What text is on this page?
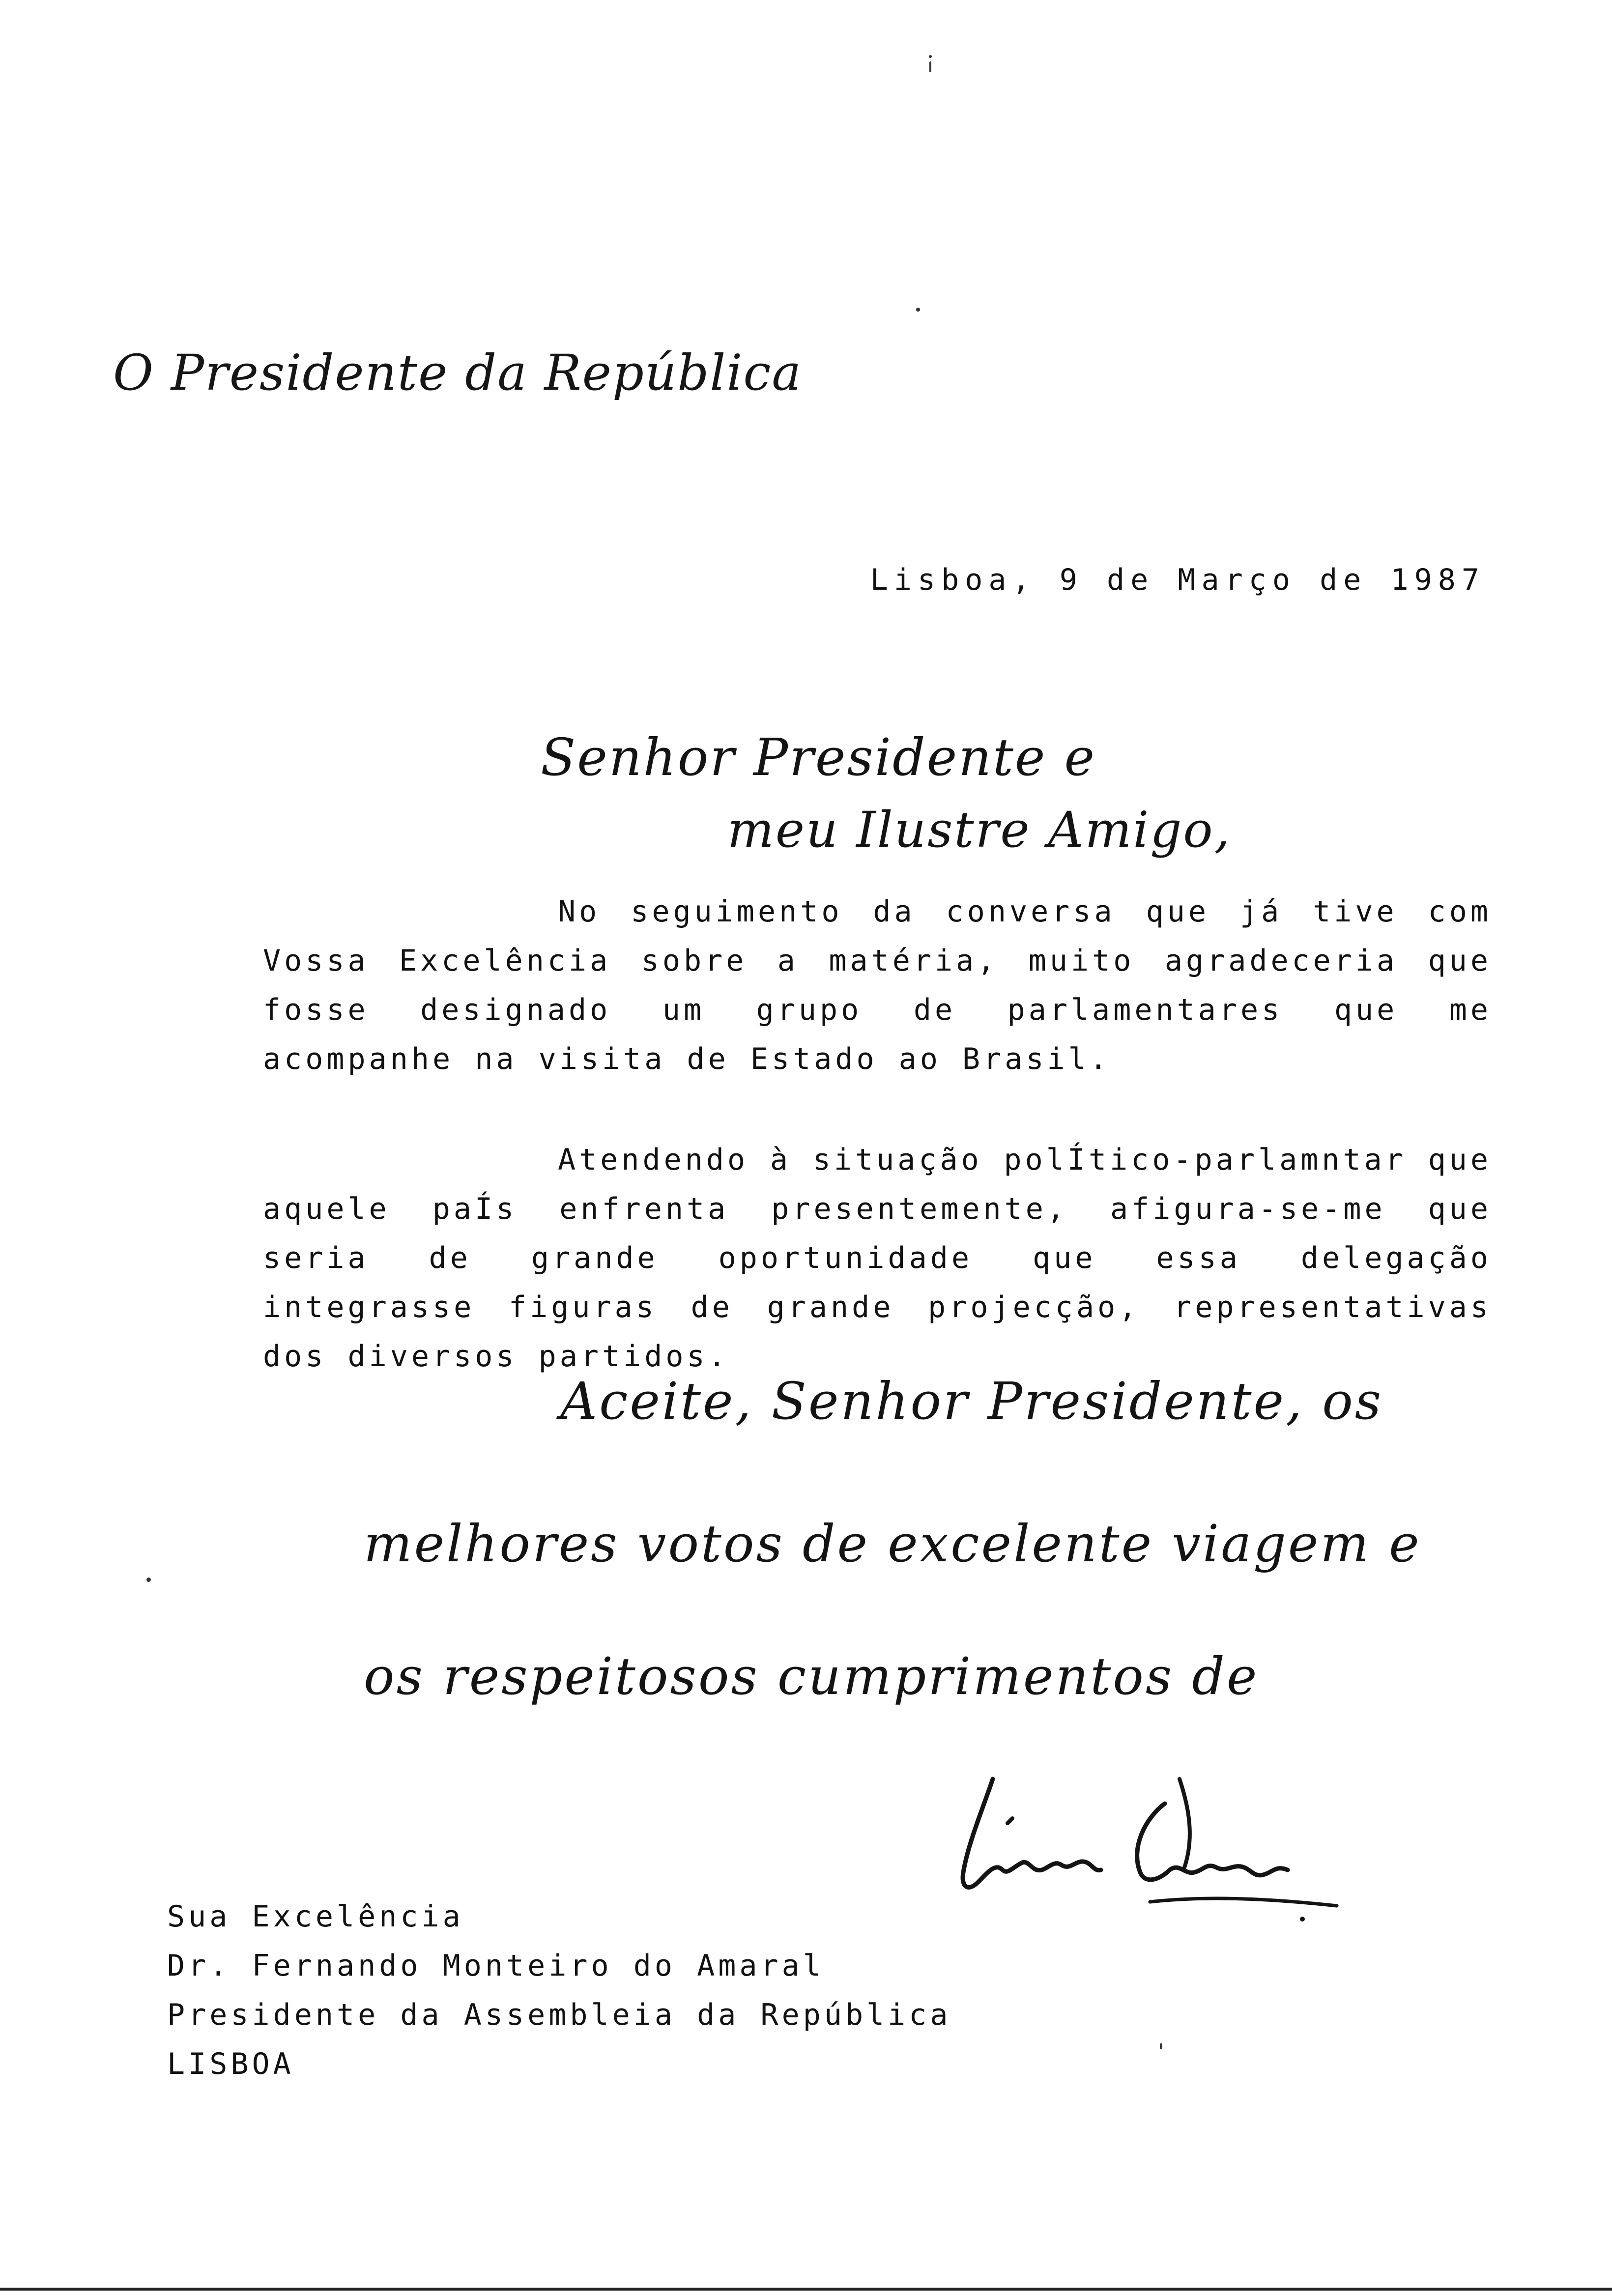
O Presidente da República
Lisboa, 9 de Março de 1987
Senhor Presidente e
meu Ilustre Amigo,
No seguimento da conversa que já tive com Vossa Excelência sobre a matéria, muito agradeceria que fosse designado um grupo de parlamentares que me acompanhe na visita de Estado ao Brasil.
Atendendo à situação polÍtico-parlamntar que aquele paÍs enfrenta presentemente, afigura-se-me que seria de grande oportunidade que essa delegação integrasse figuras de grande projecção, representativas dos diversos partidos.
Aceite, Senhor Presidente, os
melhores votos de excelente viagem e
os respeitosos cumprimentos de
Sua Excelência
Dr. Fernando Monteiro do Amaral
Presidente da Assembleia da República
LISBOA
